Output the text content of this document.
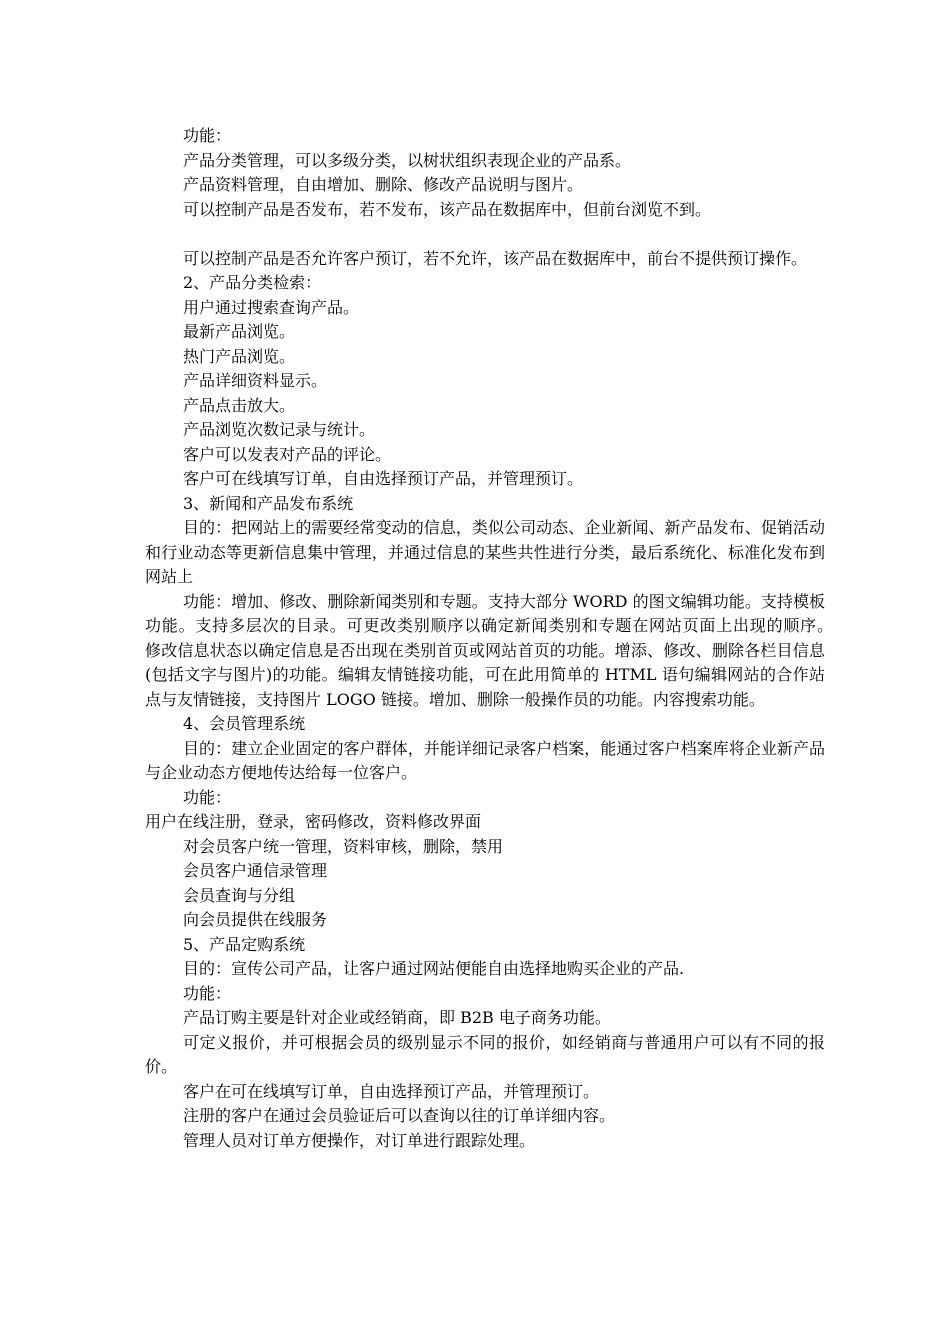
功能：

产品分类管理，可以多级分类，以树状组织表现企业的产品系。

产品资料管理，自由增加、删除、修改产品说明与图片。

可以控制产品是否发布，若不发布，该产品在数据库中，但前台浏览不到。

可以控制产品是否允许客户预订，若不允许，该产品在数据库中，前台不提供预订操作。

2、产品分类检索：

用户通过搜索查询产品。

最新产品浏览。

热门产品浏览。

产品详细资料显示。

产品点击放大。

产品浏览次数记录与统计。

客户可以发表对产品的评论。

客户可在线填写订单，自由选择预订产品，并管理预订。

3、新闻和产品发布系统

目的：把网站上的需要经常变动的信息，类似公司动态、企业新闻、新产品发布、促销活动和行业动态等更新信息集中管理，并通过信息的某些共性进行分类，最后系统化、标准化发布到网站上

功能：增加、修改、删除新闻类别和专题。支持大部分 WORD 的图文编辑功能。支持模板功能。支持多层次的目录。可更改类别顺序以确定新闻类别和专题在网站页面上出现的顺序。　　修改信息状态以确定信息是否出现在类别首页或网站首页的功能。增添、修改、删除各栏目信息(包括文字与图片)的功能。编辑友情链接功能，可在此用简单的 HTML 语句编辑网站的合作站点与友情链接，支持图片 LOGO 链接。增加、删除一般操作员的功能。内容搜索功能。

4、会员管理系统

目的：建立企业固定的客户群体，并能详细记录客户档案，能通过客户档案库将企业新产品与企业动态方便地传达给每一位客户。

功能：

用户在线注册，登录，密码修改，资料修改界面

对会员客户统一管理，资料审核，删除，禁用

会员客户通信录管理

会员查询与分组

向会员提供在线服务

5、产品定购系统

目的：宣传公司产品，让客户通过网站便能自由选择地购买企业的产品.

功能：

产品订购主要是针对企业或经销商，即 B2B 电子商务功能。

可定义报价，并可根据会员的级别显示不同的报价，如经销商与普通用户可以有不同的报价。

客户在可在线填写订单，自由选择预订产品，并管理预订。

注册的客户在通过会员验证后可以查询以往的订单详细内容。

管理人员对订单方便操作，对订单进行跟踪处理。
